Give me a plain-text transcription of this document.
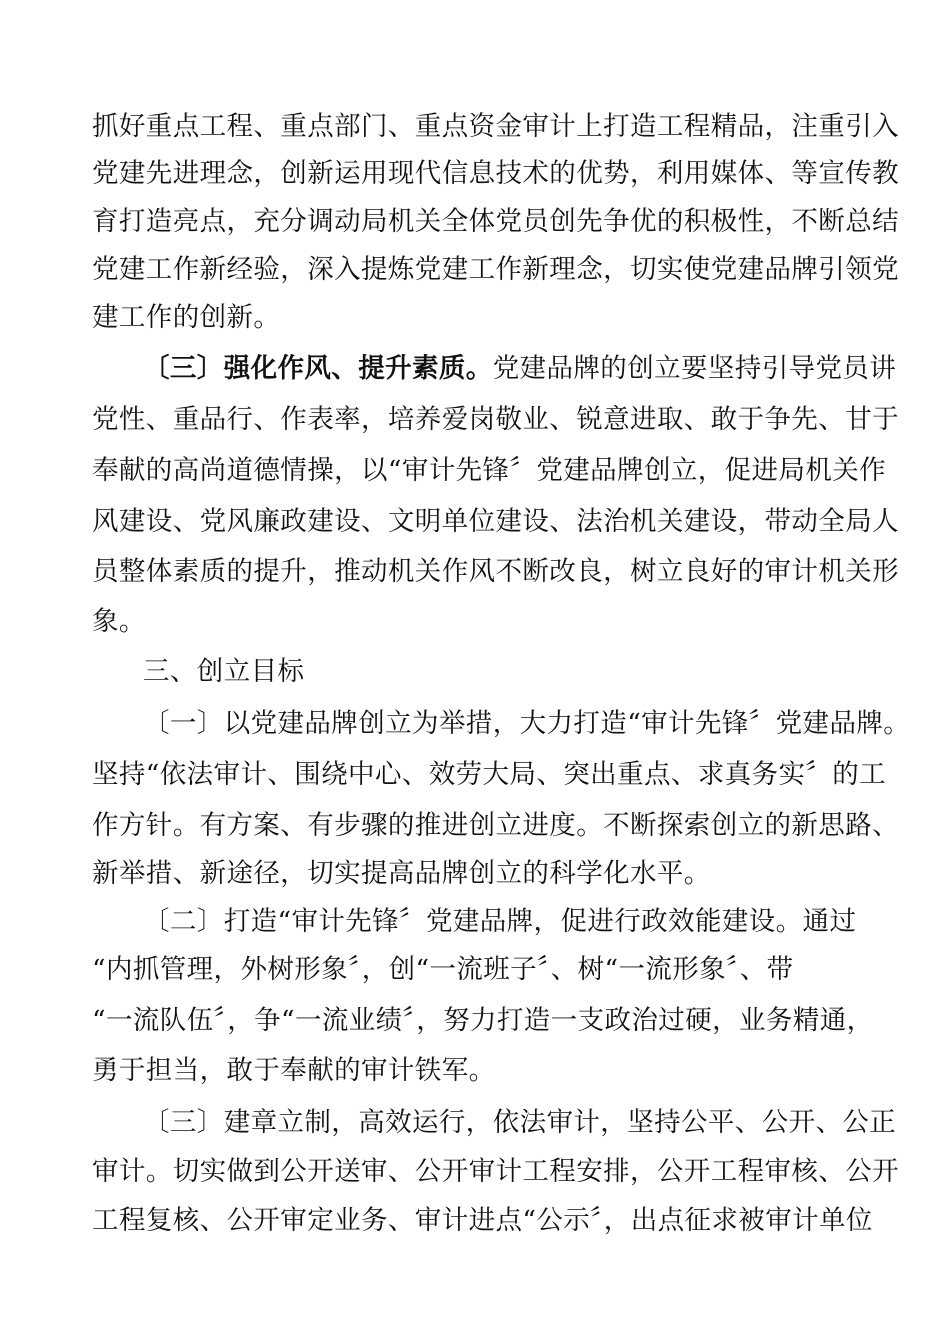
抓好重点工程、重点部门、重点资金审计上打造工程精品，注重引入
党建先进理念，创新运用现代信息技术的优势，利用媒体、等宣传教
育打造亮点，充分调动局机关全体党员创先争优的积极性，不断总结
党建工作新经验，深入提炼党建工作新理念，切实使党建品牌引领党
建工作的创新。
〔三〕强化作风、提升素质。党建品牌的创立要坚持引导党员讲
党性、重品行、作表率，培养爱岗敬业、锐意进取、敢于争先、甘于
奉献的高尚道德情操，以“审计先锋〞党建品牌创立，促进局机关作
风建设、党风廉政建设、文明单位建设、法治机关建设，带动全局人
员整体素质的提升，推动机关作风不断改良，树立良好的审计机关形
象。
三、创立目标
〔一〕以党建品牌创立为举措，大力打造“审计先锋〞党建品牌。
坚持“依法审计、围绕中心、效劳大局、突出重点、求真务实〞的工
作方针。有方案、有步骤的推进创立进度。不断探索创立的新思路、
新举措、新途径，切实提高品牌创立的科学化水平。
〔二〕打造“审计先锋〞党建品牌，促进行政效能建设。通过
“内抓管理，外树形象〞，创“一流班子〞、树“一流形象〞、带
“一流队伍〞，争“一流业绩〞，努力打造一支政治过硬，业务精通，
勇于担当，敢于奉献的审计铁军。
〔三〕建章立制，高效运行，依法审计，坚持公平、公开、公正
审计。切实做到公开送审、公开审计工程安排，公开工程审核、公开
工程复核、公开审定业务、审计进点“公示〞，出点征求被审计单位
